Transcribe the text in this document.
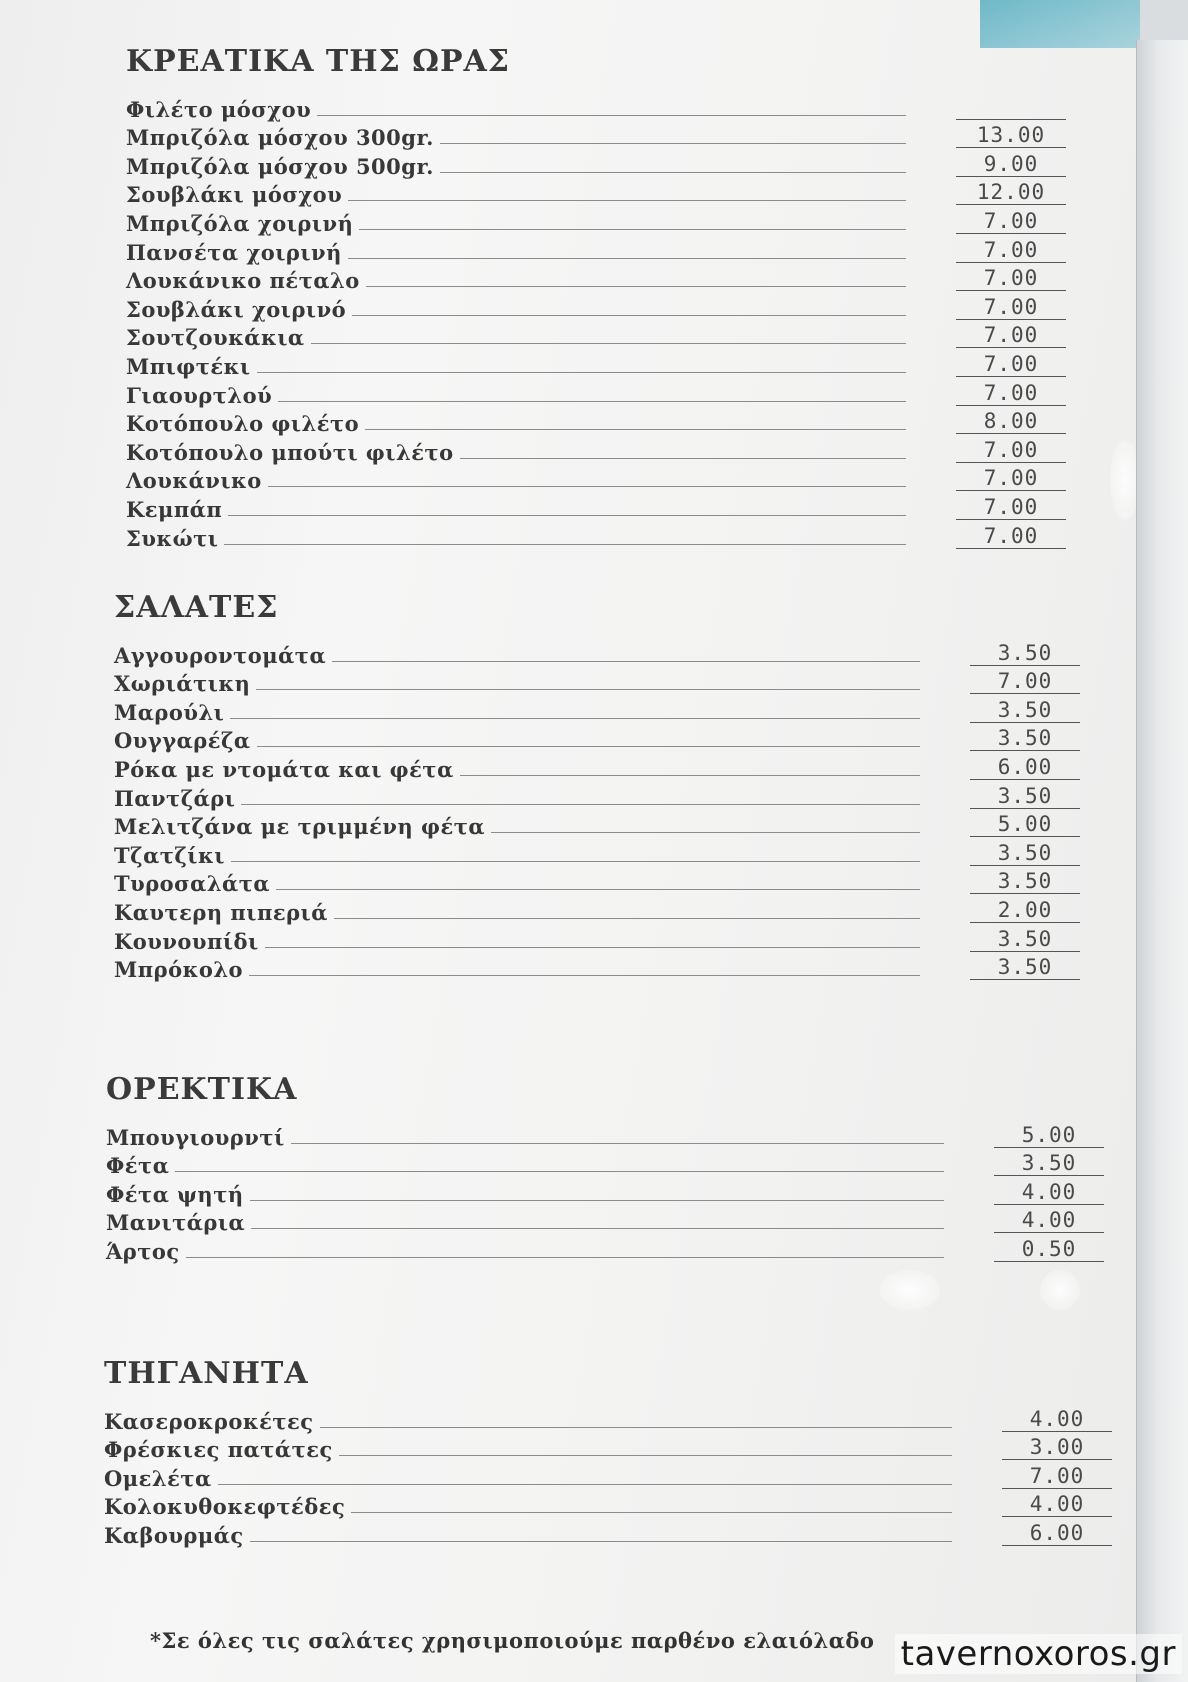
ΚΡΕΑΤΙΚΑ ΤΗΣ ΩΡΑΣ
Φιλέτο μόσχου
Μπριζόλα μόσχου 300gr.	13.00
Μπριζόλα μόσχου 500gr.	9.00
Σουβλάκι μόσχου	12.00
Μπριζόλα χοιρινή	7.00
Πανσέτα χοιρινή	7.00
Λουκάνικο πέταλο	7.00
Σουβλάκι χοιρινό	7.00
Σουτζουκάκια	7.00
Μπιφτέκι	7.00
Γιαουρτλού	7.00
Κοτόπουλο φιλέτο	8.00
Κοτόπουλο μπούτι φιλέτο	7.00
Λουκάνικο	7.00
Κεμπάπ	7.00
Συκώτι	7.00
ΣΑΛΑΤΕΣ
Αγγουροντομάτα	3.50
Χωριάτικη	7.00
Μαρούλι	3.50
Ουγγαρέζα	3.50
Ρόκα με ντομάτα και φέτα	6.00
Παντζάρι	3.50
Μελιτζάνα με τριμμένη φέτα	5.00
Τζατζίκι	3.50
Τυροσαλάτα	3.50
Καυτερη πιπεριά	2.00
Κουνουπίδι	3.50
Μπρόκολο	3.50
ΟΡΕΚΤΙΚΑ
Μπουγιουρντί	5.00
Φέτα	3.50
Φέτα ψητή	4.00
Μανιτάρια	4.00
Άρτος	0.50
ΤΗΓΑΝΗΤΑ
Κασεροκροκέτες	4.00
Φρέσκιες πατάτες	3.00
Ομελέτα	7.00
Κολοκυθοκεφτέδες	4.00
Καβουρμάς	6.00
*Σε όλες τις σαλάτες χρησιμοποιούμε παρθένο ελαιόλαδο tavernoxoros.gr
